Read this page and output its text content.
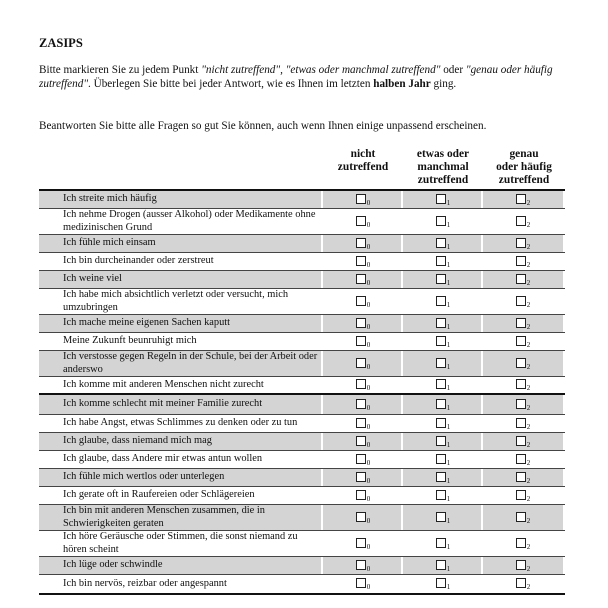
ZASIPS
Bitte markieren Sie zu jedem Punkt "nicht zutreffend", "etwas oder manchmal zutreffend" oder "genau oder häufig zutreffend". Überlegen Sie bitte bei jeder Antwort, wie es Ihnen im letzten halben Jahr ging.
Beantworten Sie bitte alle Fragen so gut Sie können, auch wenn Ihnen einige unpassend erscheinen.
nicht
zutreffend
etwas oder
manchmal
zutreffend
genau
oder häufig
zutreffend
Ich streite mich häufig	0	1	2
Ich nehme Drogen (ausser Alkohol) oder Medikamente ohne medizinischen Grund	0	1	2
Ich fühle mich einsam	0	1	2
Ich bin durcheinander oder zerstreut	0	1	2
Ich weine viel	0	1	2
Ich habe mich absichtlich verletzt oder versucht, mich umzubringen	0	1	2
Ich mache meine eigenen Sachen kaputt	0	1	2
Meine Zukunft beunruhigt mich	0	1	2
Ich verstosse gegen Regeln in der Schule, bei der Arbeit oder anderswo	0	1	2
Ich komme mit anderen Menschen nicht zurecht	0	1	2
Ich komme schlecht mit meiner Familie zurecht	0	1	2
Ich habe Angst, etwas Schlimmes zu denken oder zu tun	0	1	2
Ich glaube, dass niemand mich mag	0	1	2
Ich glaube, dass Andere mir etwas antun wollen	0	1	2
Ich fühle mich wertlos oder unterlegen	0	1	2
Ich gerate oft in Raufereien oder Schlägereien	0	1	2
Ich bin mit anderen Menschen zusammen, die in Schwierigkeiten geraten	0	1	2
Ich höre Geräusche oder Stimmen, die sonst niemand zu hören scheint	0	1	2
Ich lüge oder schwindle	0	1	2
Ich bin nervös, reizbar oder angespannt	0	1	2
